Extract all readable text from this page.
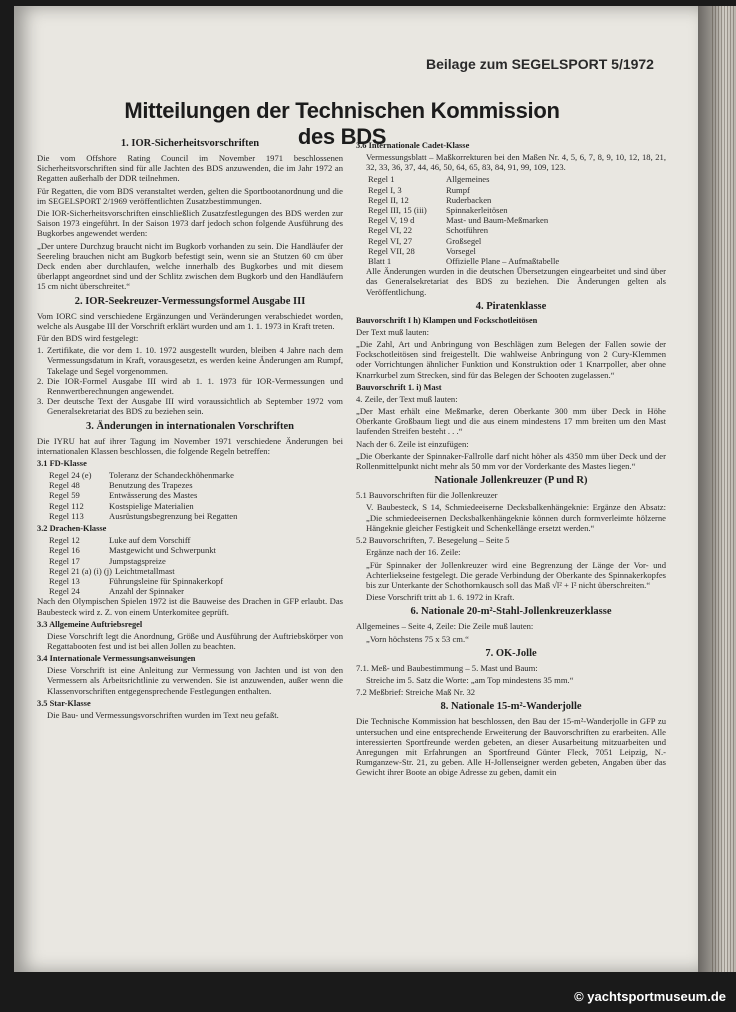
© yachtsportmuseum.de
Beilage zum SEGELSPORT 5/1972
Mitteilungen der Technischen Kommission des BDS
1. IOR-Sicherheitsvorschriften

Die vom Offshore Rating Council im November 1971 beschlossenen Sicherheitsvorschriften sind für alle Jachten des BDS anzuwenden, die im Jahr 1972 an Regatten außerhalb der DDR teilnehmen.

Für Regatten, die vom BDS veranstaltet werden, gelten die Sportbootanordnung und die im SEGELSPORT 2/1969 veröffentlichten Zusatzbestimmungen.

Die IOR-Sicherheitsvorschriften einschließlich Zusatzfestlegungen des BDS werden zur Saison 1973 eingeführt. In der Saison 1973 darf jedoch schon folgende Ausführung des Bugkorbes angewendet werden:

„Der untere Durchzug braucht nicht im Bugkorb vorhanden zu sein. Die Handläufer der Seereling brauchen nicht am Bugkorb befestigt sein, wenn sie an Stutzen 60 cm über Deck enden aber durchlaufen, welche innerhalb des Bugkorbes und mit diesem überlappt angeordnet sind und der Schlitz zwischen dem Bugkorb und den Handläufern 15 cm nicht überschreitet.“

2. IOR-Seekreuzer-Vermessungsformel Ausgabe III

Vom IORC sind verschiedene Ergänzungen und Veränderungen verabschiedet worden, welche als Ausgabe III der Vorschrift erklärt wurden und am 1. 1. 1973 in Kraft treten.

Für den BDS wird festgelegt:

1. Zertifikate, die vor dem 1. 10. 1972 ausgestellt wurden, bleiben 4 Jahre nach dem Vermessungsdatum in Kraft, vorausgesetzt, es werden keine Änderungen am Rumpf, Takelage und Segel vorgenommen.
2. Die IOR-Formel Ausgabe III wird ab 1. 1. 1973 für IOR-Vermessungen und Rennwertberechnungen angewendet.
3. Der deutsche Text der Ausgabe III wird voraussichtlich ab September 1972 vom Generalsekretariat des BDS zu beziehen sein.
3. Änderungen in internationalen Vorschriften

Die IYRU hat auf ihrer Tagung im November 1971 verschiedene Änderungen bei internationalen Klassen beschlossen, die folgende Regeln betreffen:

3.1 FD-Klasse
Regel 24 (e)	Toleranz der Schandeckhöhenmarke
Regel 48	Benutzung des Trapezes
Regel 59	Entwässerung des Mastes
Regel 112	Kostspielige Materialien
Regel 113	Ausrüstungsbegrenzung bei Regatten
3.2 Drachen-Klasse
Regel 12	Luke auf dem Vorschiff
Regel 16	Mastgewicht und Schwerpunkt
Regel 17	Jumpstagspreize
Regel 21 (a) (i) (j) Leichtmetallmast
Regel 13	Führungsleine für Spinnakerkopf
Regel 24	Anzahl der Spinnaker

Nach den Olympischen Spielen 1972 ist die Bauweise des Drachen in GFP erlaubt. Das Baubesteck wird z. Z. von einem Unterkomitee geprüft.

3.3 Allgemeine Auftriebsregel

Diese Vorschrift legt die Anordnung, Größe und Ausführung der Auftriebskörper von Regattabooten fest und ist bei allen Jollen zu beachten.

3.4 Internationale Vermessungsanweisungen

Diese Vorschrift ist eine Anleitung zur Vermessung von Jachten und ist von den Vermessern als Arbeitsrichtlinie zu verwenden. Sie ist anzuwenden, außer wenn die Klassenvorschriften entgegensprechende Festlegungen enthalten.

3.5 Star-Klasse

Die Bau- und Vermessungsvorschriften wurden im Text neu gefaßt.

3.6 Internationale Cadet-Klasse

Vermessungsblatt – Maßkorrekturen bei den Maßen Nr. 4, 5, 6, 7, 8, 9, 10, 12, 18, 21, 32, 33, 36, 37, 44, 46, 50, 64, 65, 83, 84, 91, 99, 109, 123.

Regel 1	Allgemeines
Regel I, 3	Rumpf
Regel II, 12	Ruderbacken
Regel III, 15 (iii)	Spinnakerleitösen
Regel V, 19 d	Mast- und Baum-Meßmarken
Regel VI, 22	Schotführen
Regel VI, 27	Großsegel
Regel VII, 28	Vorsegel
Blatt 1	Offizielle Plane – Aufmaßtabelle

Alle Änderungen wurden in die deutschen Übersetzungen eingearbeitet und sind über das Generalsekretariat des BDS zu beziehen. Die Änderungen gelten als Veröffentlichung.

4. Piratenklasse
Bauvorschrift I h) Klampen und Fockschotleitösen

Der Text muß lauten:

„Die Zahl, Art und Anbringung von Beschlägen zum Belegen der Fallen sowie der Fockschotleitösen sind freigestellt. Die wahlweise Anbringung von 2 Cury-Klemmen oder Vorrichtungen ähnlicher Funktion und Konstruktion oder 1 Knarrpoller, aber ohne Knarrkurbel zum Strecken, sind für das Belegen der Schooten zugelassen.“

Bauvorschrift 1. i) Mast

4. Zeile, der Text muß lauten:

„Der Mast erhält eine Meßmarke, deren Oberkante 300 mm über Deck in Höhe Oberkante Großbaum liegt und die aus einem mindestens 17 mm breiten um den Mast laufenden Streifen besteht . . .“

Nach der 6. Zeile ist einzufügen:

„Die Oberkante der Spinnaker-Fallrolle darf nicht höher als 4350 mm über Deck und der Rollenmittelpunkt nicht mehr als 50 mm vor der Vorderkante des Mastes liegen.“

Nationale Jollenkreuzer (P und R)

5.1 Bauvorschriften für die Jollenkreuzer

V. Baubesteck, S 14, Schmiedeeiserne Decksbalkenhängeknie: Ergänze den Absatz: „Die schmiedeeisernen Decksbalkenhängeknie können durch formverleimte hölzerne Hängeknie gleicher Festigkeit und Schenkellänge ersetzt werden.“

5.2 Bauvorschriften, 7. Besegelung – Seite 5

Ergänze nach der 16. Zeile:

„Für Spinnaker der Jollenkreuzer wird eine Begrenzung der Länge der Vor- und Achterliekseine festgelegt. Die gerade Verbindung der Oberkante des Spinnakerkopfes bis zur Unterkante der Schothornkausch soll das Maß √l² + I² nicht überschreiten.“

Diese Vorschrift tritt ab 1. 6. 1972 in Kraft.

6. Nationale 20-m²-Stahl-Jollenkreuzerklasse

Allgemeines – Seite 4, Zeile: Die Zeile muß lauten:

„Vorn höchstens 75 x 53 cm.“

7. OK-Jolle

7.1. Meß- und Baubestimmung – 5. Mast und Baum:

Streiche im 5. Satz die Worte: „am Top mindestens 35 mm.“

7.2 Meßbrief: Streiche Maß Nr. 32

8. Nationale 15-m²-Wanderjolle

Die Technische Kommission hat beschlossen, den Bau der 15-m²-Wanderjolle in GFP zu untersuchen und eine entsprechende Erweiterung der Bauvorschriften zu erarbeiten. Alle interessierten Sportfreunde werden gebeten, an dieser Ausarbeitung mitzuarbeiten und Anregungen mit Erfahrungen an Sportfreund Günter Fleck, 7051 Leipzig, N.-Rumganzew-Str. 21, zu geben. Alle H-Jollenseigner werden gebeten, Angaben über das Gewicht ihrer Boote an obige Adresse zu geben, damit ein
